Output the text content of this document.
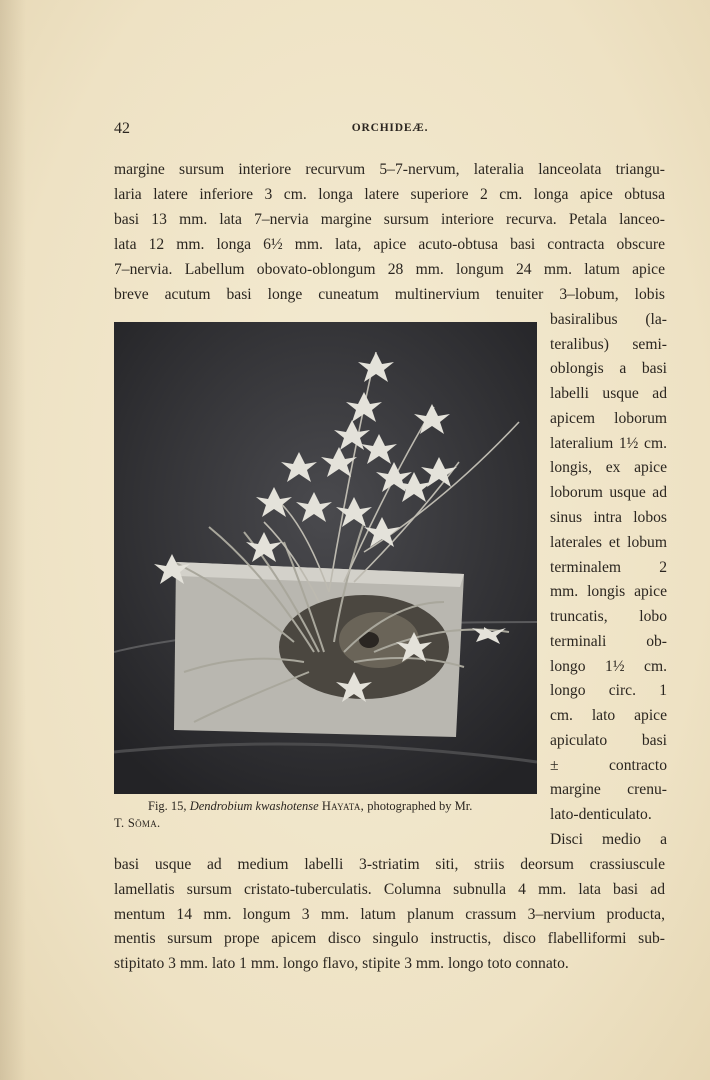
42	ORCHIDEÆ.
margine sursum interiore recurvum 5–7-nervum, lateralia lanceolata triangu-
laria latere inferiore 3 cm. longa latere superiore 2 cm. longa apice obtusa
basi 13 mm. lata 7–nervia margine sursum interiore recurva. Petala lanceo-
lata 12 mm. longa 6½ mm. lata, apice acuto-obtusa basi contracta obscure
7–nervia. Labellum obovato-oblongum 28 mm. longum 24 mm. latum apice
breve acutum basi longe cuneatum multinervium tenuiter 3–lobum, lobis
Fig. 15, Dendrobium kwashotense Hayata, photographed by Mr.
T. Sōma.
basiralibus (la-
teralibus) semi-
oblongis a basi
labelli usque ad
apicem loborum
lateralium 1½ cm.
longis, ex apice
loborum usque ad
sinus intra lobos
laterales et lobum
terminalem 2
mm. longis apice
truncatis, lobo
terminali ob-
longo 1½ cm.
longo circ. 1
cm. lato apice
apiculato basi
± contracto
margine crenu-
lato-denticulato.
Disci medio a
basi usque ad medium labelli 3-striatim siti, striis deorsum crassiuscule
lamellatis sursum cristato-tuberculatis. Columna subnulla 4 mm. lata basi ad
mentum 14 mm. longum 3 mm. latum planum crassum 3–nervium producta,
mentis sursum prope apicem disco singulo instructis, disco flabelliformi sub-
stipitato 3 mm. lato 1 mm. longo flavo, stipite 3 mm. longo toto connato.
